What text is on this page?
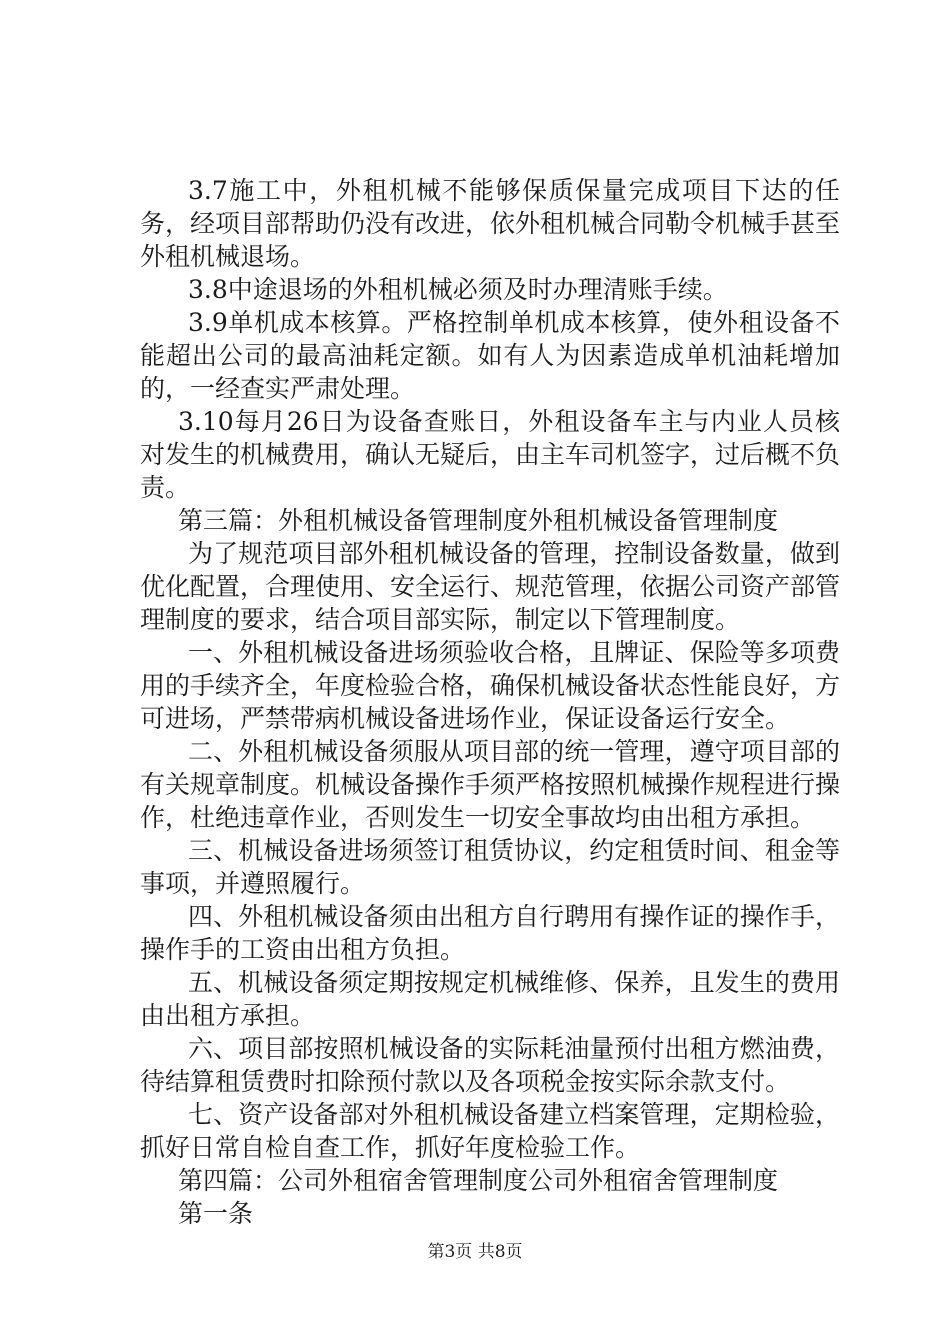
3.7施工中，外租机械不能够保质保量完成项目下达的任务，经项目部帮助仍没有改进，依外租机械合同勒令机械手甚至外租机械退场。

3.8中途退场的外租机械必须及时办理清账手续。

3.9单机成本核算。严格控制单机成本核算，使外租设备不能超出公司的最高油耗定额。如有人为因素造成单机油耗增加的，一经查实严肃处理。

3.10每月26日为设备查账日，外租设备车主与内业人员核对发生的机械费用，确认无疑后，由主车司机签字，过后概不负责。

第三篇：外租机械设备管理制度外租机械设备管理制度

为了规范项目部外租机械设备的管理，控制设备数量，做到优化配置，合理使用、安全运行、规范管理，依据公司资产部管理制度的要求，结合项目部实际，制定以下管理制度。

一、外租机械设备进场须验收合格，且牌证、保险等多项费用的手续齐全，年度检验合格，确保机械设备状态性能良好，方可进场，严禁带病机械设备进场作业，保证设备运行安全。

二、外租机械设备须服从项目部的统一管理，遵守项目部的有关规章制度。机械设备操作手须严格按照机械操作规程进行操作，杜绝违章作业，否则发生一切安全事故均由出租方承担。

三、机械设备进场须签订租赁协议，约定租赁时间、租金等事项，并遵照履行。

四、外租机械设备须由出租方自行聘用有操作证的操作手，操作手的工资由出租方负担。

五、机械设备须定期按规定机械维修、保养，且发生的费用由出租方承担。

六、项目部按照机械设备的实际耗油量预付出租方燃油费，待结算租赁费时扣除预付款以及各项税金按实际余款支付。

七、资产设备部对外租机械设备建立档案管理，定期检验，抓好日常自检自查工作，抓好年度检验工作。

第四篇：公司外租宿舍管理制度公司外租宿舍管理制度

第一条

第3页 共8页
